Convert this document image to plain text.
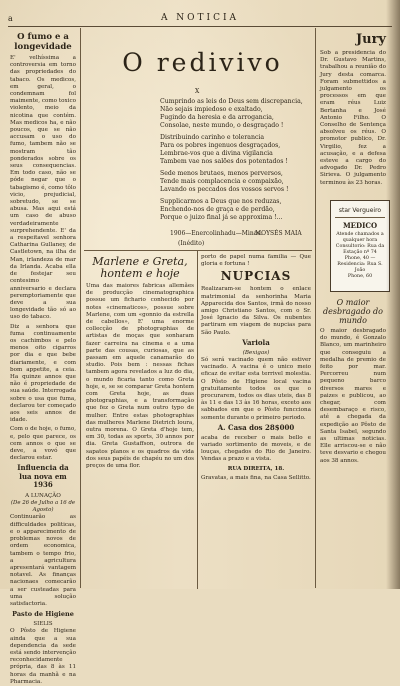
a	A NOTICIA
O fumo e a longevidade

E' velhíssima a controversia em torno das propriedades do tabaco. Os medicos, em geral, o condemnam fol maimente, como toxico violento, meio da nicotina que contém. Mas medicos ha, e não poucos, que se não accusam o uso do fumo, tambem não se mostram tão ponderados sobre os seus consequencias. Em todo caso, não se póde negar que o tabagismo é, como tôlo vicio, prejudicial, sobretudo, se se abusa. Mas aqui está um caso de abuso verdadeiramente surprehendente. E' da a respeitavel senhora Catharina Gullaney, de Castletown, na ilha de Man, irlandeza de mar da Irlanda. Acaba ella de festejar seu centesimo anniversario e declara peremptoriamente que deve a sua longevidade tão só ao uso do tabaco.

Diz a senhora que fuma continuamente os cachimbos e pelo menos oito cigarros por dia e que bebe diariamente, e com bom appetite, a ceia. Ha quinze annos que não é propriedade de sua saúde. Interrogada sobre o usa que fuma, declarou ter começado aos seis annos de idade.

Com o de hoje, o fumo, e, pelo que parece, os cem annos o que se deve, a vovó que declarou estar.

Influencia da lua nova em 1936
A LUNAÇÃO
(De 26 de Julho a 16 de Agosto)

Continuarão as difficuldades politicas, e o apparecimento de problemas novos de ordem economica, tambem o tempo frio, a agricultura apresentará vantagem notavel. As finanças nacionaes comecarão a ser custeadas para uma solução satisfactoria.

Pasto de Higiene
SIELIS

O Pôsto de Higiene ainda que a sua dependencia da sede está sendo intervenção reconhecidamente própria, das 8 às 11 horas da manhã e na Pharmacia.

O redivivo
X
Cumprindo as leis do Deus sem discrepancia,
Não sejais impiedoso e exaltado,
Fugindo da heresia e da arrogancia,
Consolae, neste mundo, o desgraçado !
Distribuindo carinho e tolerancia
Para os pobres ingenuos desgraçados,
Lembrae-vos que a divina vigilancia
Tambem vae nos salões dos potentados !
Sede menos brutaes, menos perversos,
Tende mais complacencia e compaixão,
Lavando os peccados dos vossos servos !
Supplicarmos a Deus que nos reduzas,
Enchendo-nos de graça e de perdão,
Porque o juizo final já se approxima !...
1906—Enercolinhadu—Minas.
MOYSÉS MAIA
(Inédito)
Marlene e Greta, hontem e hoje

Uma das maiores fabricas allemães de producção cinematographica possue um fichario conhecido por notes «cinematicos», possue sobre Marlene, com um «gonnio da estrella de cabellos», E' uma enorme collecção de photographias de artistas de moças que sonharam fazer carreira na cinema e a uma parte das cousas, curiosas, que as passam em aquele canamarão do studio. Pois bem : nessas fichas tambem agora revelados a luz do dia, o mundo ficaria tanto como Greta hoje, e, se se comparar Greta hontem com Greta hoje, as duas photographias, e a transformação que fez o Greta num outro typo de mulher. Entre estas photographias das mulheres Marlene Dietrich loura, outra morena. O Greta d'hoje tem, em 30, todas as sports, 30 annos por dia. Greta Gustaffson, outrora de sapatos planos e os quadros da vida dos seus papéis de chapéu no um dos preços de uma flor.

porto de papel numa familia — Que gloria e fortuna !

NUPCIAS

Realizaram-se hontem o enlace matrimonial da senhorinha Maria Apparecida dos Santos, irmã do nosso amigo Christiano Santos, com o Sr. José Ignacio da Silva. Os nubentes partiram em viagem de nupcias para São Paulo.

Variola
(Bexigas)

Só será vacinado quem não estiver vacinado. A vacina é o unico meio eficaz de evitar esta terrivel molestia. O Pôsto de Higiene local vacina gratuitamente todos os que o procurarem, todos os dias uteis, das 8 às 11 e das 13 às 16 horas, exceto aos sabbados em que o Pôsto funcciona somente durante o primeiro periodo.

A. Casa dos 28$000

acaba de receber o mais bello e variado sortimento de moveis, e de louças, chegados do Rio de Janeiro. Vendas a prazo e a vista.

RUA DIREITA, 18.

Gravatas, a mais fina, na Casa Sellitto.

Jury

Sob a presidencia do Dr. Gustavo Martins, trabalhou a reunião do Jury desta comarca. Foram submettidos a julgamento os processos em que eram réus Luiz Bertanha e José Antonio Filho. O Conselho de Sentença absolveu os réus. O promotor publico, Dr. Virgilio, fez a acusação, e a defesa esteve a cargo do advogado Dr. Pedro Sirieva. O julgamento terminou às 23 horas.

star Vergueiro
MEDICO
Atende chamados a qualquer hora
Consultorio: Rua da Estação nº 74
Phone, 40 — Residencia: Rua S. João
Phone, 60
O maior desbragado do mundo

O maior desbragado do mundo, é Gonzalo Blanco, um marinheiro que conseguiu a medalha de premio de feito por mar. Percorreu num pequeno barco diversos mares e paizes e publicou, ao chegar, com desembaraço e risco, até a chegada da expedição ao Pôsto de Santa Isabel, segundo as ultimas noticias. Elle arriscou-se e não teve desvario e chegou aos 38 annos.
